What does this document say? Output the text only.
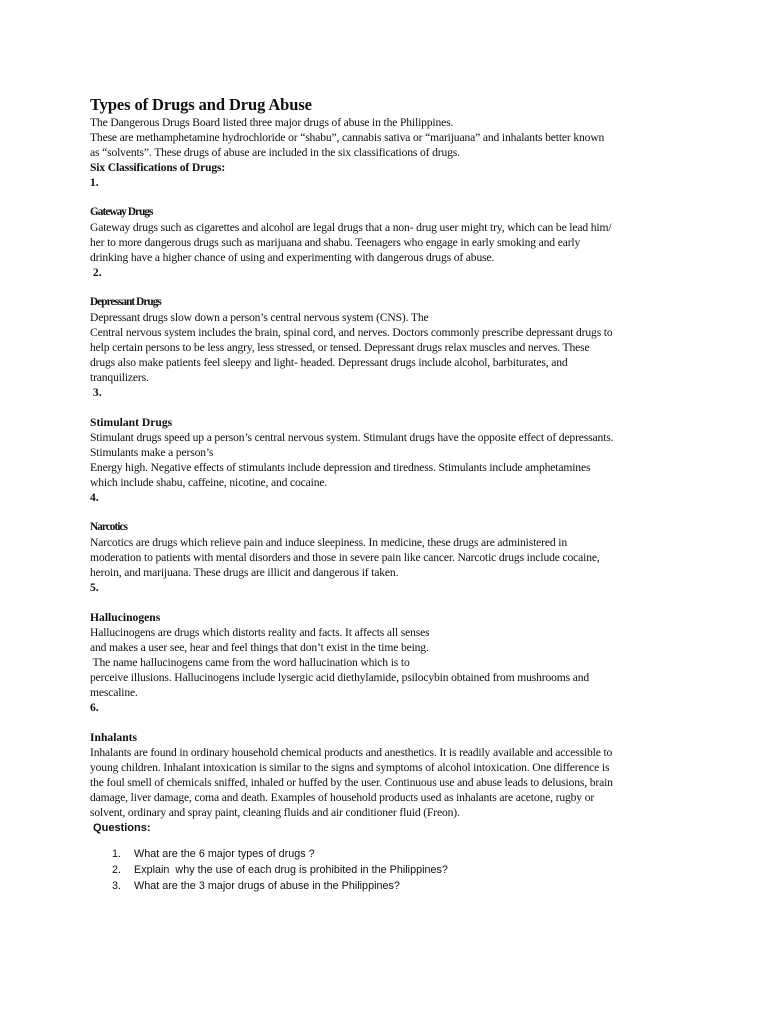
Types of Drugs and Drug Abuse
The Dangerous Drugs Board listed three major drugs of abuse in the Philippines.
These are methamphetamine hydrochloride or “shabu”, cannabis sativa or “marijuana” and inhalants better known
as “solvents”. These drugs of abuse are included in the six classifications of drugs.
Six Classifications of Drugs:
1.
Gateway Drugs
Gateway drugs such as cigarettes and alcohol are legal drugs that a non- drug user might try, which can be lead him/
her to more dangerous drugs such as marijuana and shabu. Teenagers who engage in early smoking and early
drinking have a higher chance of using and experimenting with dangerous drugs of abuse.
2.
Depressant Drugs
Depressant drugs slow down a person’s central nervous system (CNS). The
Central nervous system includes the brain, spinal cord, and nerves. Doctors commonly prescribe depressant drugs to
help certain persons to be less angry, less stressed, or tensed. Depressant drugs relax muscles and nerves. These
drugs also make patients feel sleepy and light- headed. Depressant drugs include alcohol, barbiturates, and
tranquilizers.
3.
Stimulant Drugs
Stimulant drugs speed up a person’s central nervous system. Stimulant drugs have the opposite effect of depressants.
Stimulants make a person’s
Energy high. Negative effects of stimulants include depression and tiredness. Stimulants include amphetamines
which include shabu, caffeine, nicotine, and cocaine.
4.
Narcotics
Narcotics are drugs which relieve pain and induce sleepiness. In medicine, these drugs are administered in
moderation to patients with mental disorders and those in severe pain like cancer. Narcotic drugs include cocaine,
heroin, and marijuana. These drugs are illicit and dangerous if taken.
5.
Hallucinogens
Hallucinogens are drugs which distorts reality and facts. It affects all senses
and makes a user see, hear and feel things that don’t exist in the time being.
The name hallucinogens came from the word hallucination which is to
perceive illusions. Hallucinogens include lysergic acid diethylamide, psilocybin obtained from mushrooms and
mescaline.
6.
Inhalants
Inhalants are found in ordinary household chemical products and anesthetics. It is readily available and accessible to
young children. Inhalant intoxication is similar to the signs and symptoms of alcohol intoxication. One difference is
the foul smell of chemicals sniffed, inhaled or huffed by the user. Continuous use and abuse leads to delusions, brain
damage, liver damage, coma and death. Examples of household products used as inhalants are acetone, rugby or
solvent, ordinary and spray paint, cleaning fluids and air conditioner fluid (Freon).
Questions:
1.	What are the 6 major types of drugs ?
2.	Explain  why the use of each drug is prohibited in the Philippines?
3.	What are the 3 major drugs of abuse in the Philippines?
